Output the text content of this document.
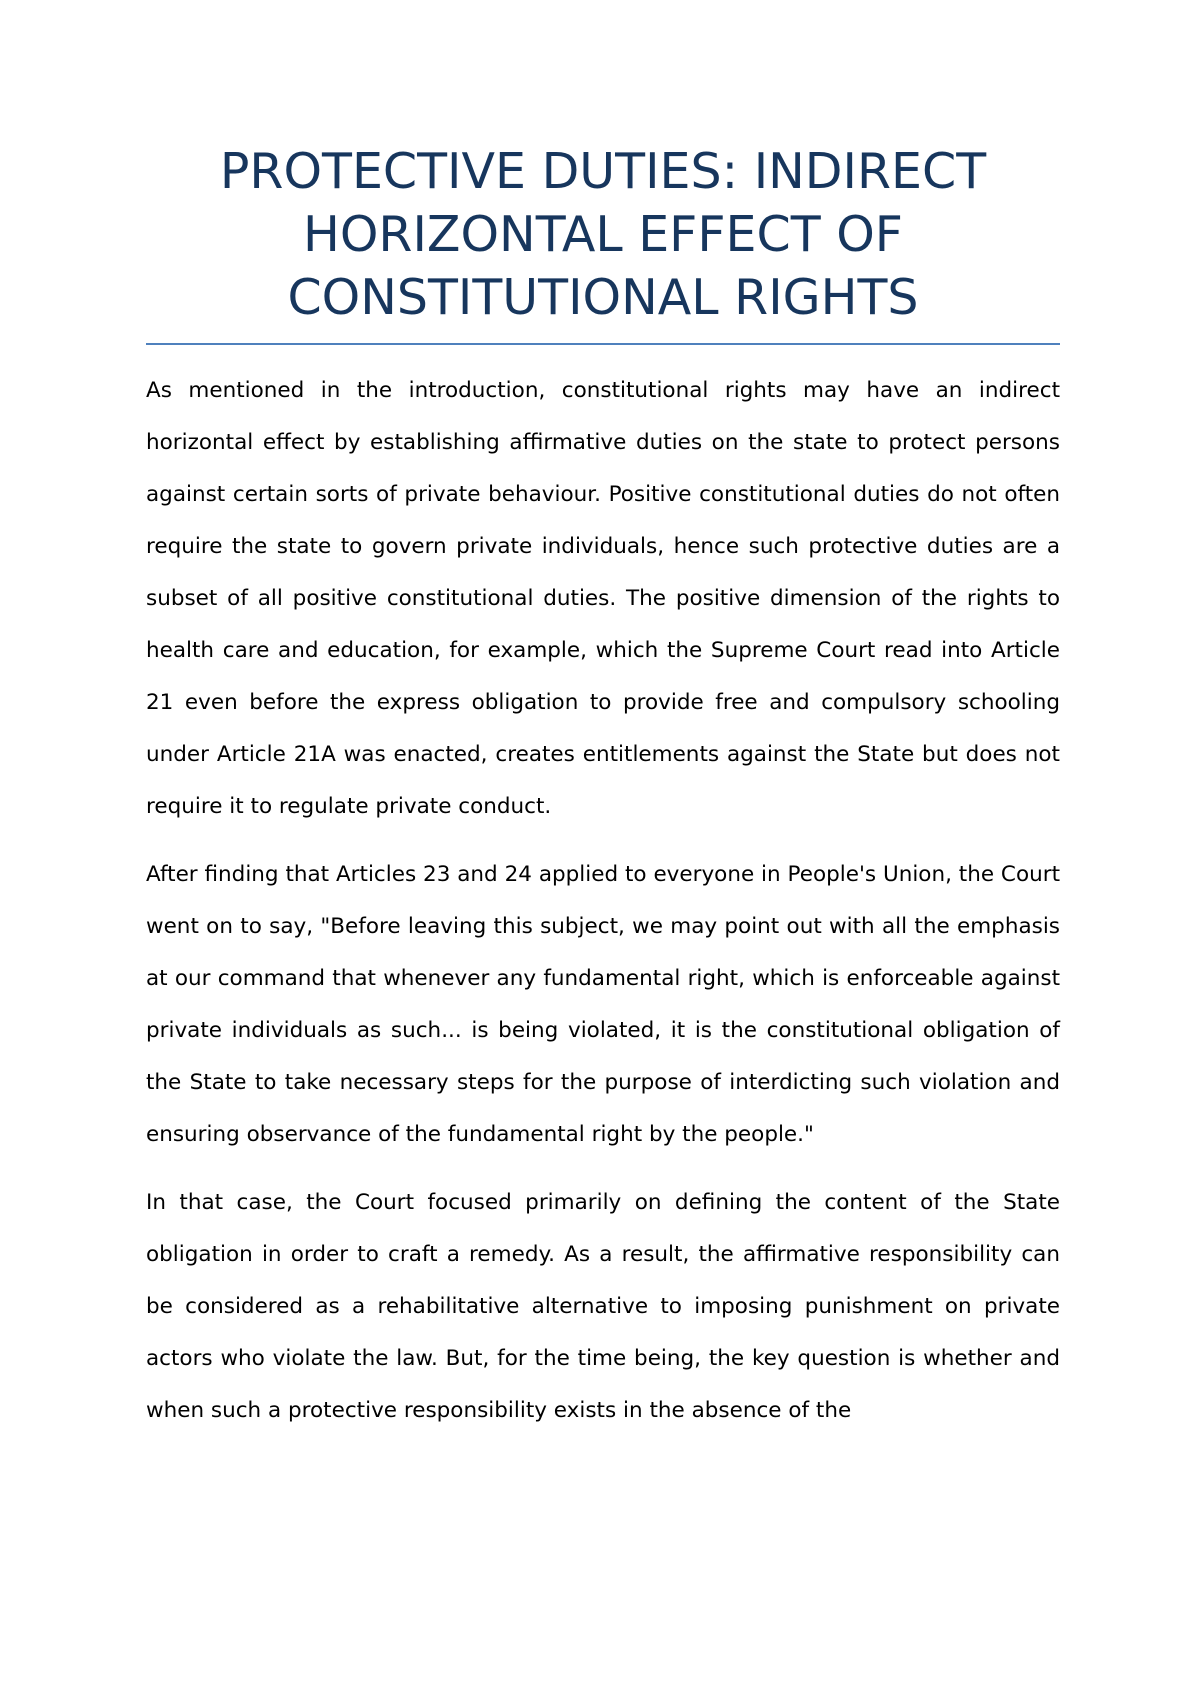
PROTECTIVE DUTIES: INDIRECT HORIZONTAL EFFECT OF CONSTITUTIONAL RIGHTS

As mentioned in the introduction, constitutional rights may have an indirect horizontal effect by establishing affirmative duties on the state to protect persons against certain sorts of private behaviour. Positive constitutional duties do not often require the state to govern private individuals, hence such protective duties are a subset of all positive constitutional duties. The positive dimension of the rights to health care and education, for example, which the Supreme Court read into Article 21 even before the express obligation to provide free and compulsory schooling under Article 21A was enacted, creates entitlements against the State but does not require it to regulate private conduct.

After finding that Articles 23 and 24 applied to everyone in People's Union, the Court went on to say, "Before leaving this subject, we may point out with all the emphasis at our command that whenever any fundamental right, which is enforceable against private individuals as such... is being violated, it is the constitutional obligation of the State to take necessary steps for the purpose of interdicting such violation and ensuring observance of the fundamental right by the people."

In that case, the Court focused primarily on defining the content of the State obligation in order to craft a remedy. As a result, the affirmative responsibility can be considered as a rehabilitative alternative to imposing punishment on private actors who violate the law. But, for the time being, the key question is whether and when such a protective responsibility exists in the absence of the
